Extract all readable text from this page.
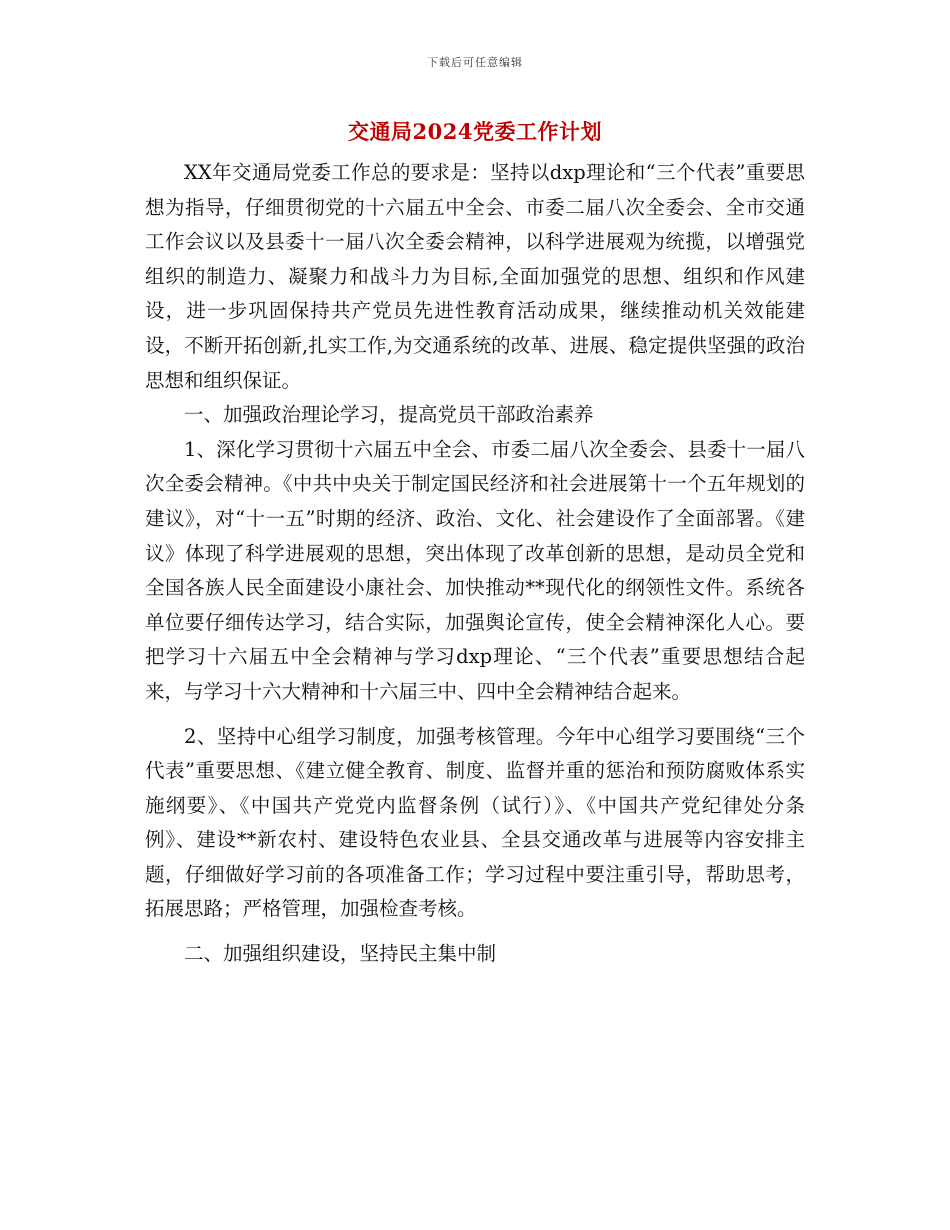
下载后可任意编辑
交通局2024党委工作计划

XX年交通局党委工作总的要求是：坚持以dxp理论和“三个代表”重要思想为指导，仔细贯彻党的十六届五中全会、市委二届八次全委会、全市交通工作会议以及县委十一届八次全委会精神，以科学进展观为统揽，以增强党组织的制造力、凝聚力和战斗力为目标,全面加强党的思想、组织和作风建设，进一步巩固保持共产党员先进性教育活动成果，继续推动机关效能建设，不断开拓创新,扎实工作,为交通系统的改革、进展、稳定提供坚强的政治思想和组织保证。

一、加强政治理论学习，提高党员干部政治素养

1、深化学习贯彻十六届五中全会、市委二届八次全委会、县委十一届八次全委会精神。《中共中央关于制定国民经济和社会进展第十一个五年规划的建议》，对“十一五”时期的经济、政治、文化、社会建设作了全面部署。《建议》体现了科学进展观的思想，突出体现了改革创新的思想，是动员全党和全国各族人民全面建设小康社会、加快推动**现代化的纲领性文件。系统各单位要仔细传达学习，结合实际，加强舆论宣传，使全会精神深化人心。要把学习十六届五中全会精神与学习dxp理论、“三个代表”重要思想结合起来，与学习十六大精神和十六届三中、四中全会精神结合起来。

2、坚持中心组学习制度，加强考核管理。今年中心组学习要围绕“三个代表”重要思想、《建立健全教育、制度、监督并重的惩治和预防腐败体系实施纲要》、《中国共产党党内监督条例（试行）》、《中国共产党纪律处分条例》、建设**新农村、建设特色农业县、全县交通改革与进展等内容安排主题，仔细做好学习前的各项准备工作；学习过程中要注重引导，帮助思考，拓展思路；严格管理，加强检查考核。

二、加强组织建设，坚持民主集中制
